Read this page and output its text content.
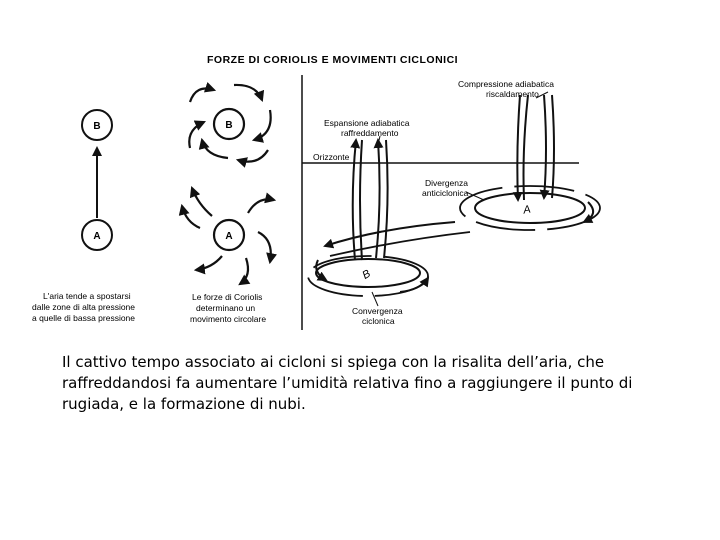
FORZE DI CORIOLIS E MOVIMENTI CICLONICI
B
A
L'aria tende a spostarsi
dalle zone di alta pressione
a quelle di bassa pressione
B
A
Le forze di Coriolis
determinano un
movimento circolare
A
B
Compressione adiabatica
riscaldamento
Espansione adiabatica
raffreddamento
Orizzonte
Divergenza
anticiclonica
Convergenza
ciclonica
Il cattivo tempo associato ai cicloni si spiega con la risalita dell’aria, che raffreddandosi fa aumentare l’umidità relativa fino a raggiungere il punto di rugiada, e la formazione di nubi.
